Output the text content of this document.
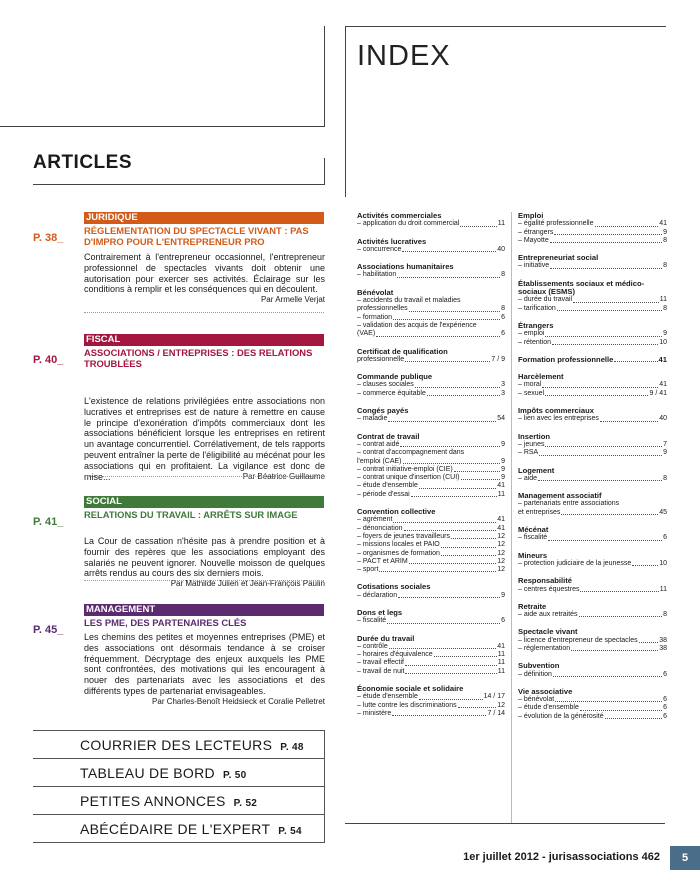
INDEX
ARTICLES
P. 38_
JURIDIQUE
RÉGLEMENTATION DU SPECTACLE VIVANT : PAS D'IMPRO POUR L'ENTREPRENEUR PRO
Contrairement à l'entrepreneur occasionnel, l'entrepreneur professionnel de spectacles vivants doit obtenir une autorisation pour exercer ses activités. Éclairage sur les conditions à remplir et les conséquences qui en découlent.
Par Armelle Verjat
P. 40_
FISCAL
ASSOCIATIONS / ENTREPRISES : DES RELATIONS TROUBLÉES
L'existence de relations privilégiées entre associations non lucratives et entreprises est de nature à remettre en cause le principe d'exonération d'impôts commerciaux dont les associations bénéficient lorsque les entreprises en retirent un avantage concurrentiel. Corrélativement, de tels rapports peuvent entraîner la perte de l'éligibilité au mécénat pour les associations qui en profitaient. La vigilance est donc de mise...	Par Béatrice Guillaume
P. 41_
SOCIAL
RELATIONS DU TRAVAIL : ARRÊTS SUR IMAGE
La Cour de cassation n'hésite pas à prendre position et à fournir des repères que les associations employant des salariés ne peuvent ignorer. Nouvelle moisson de quelques arrêts rendus au cours des six derniers mois.
Par Mathilde Julien et Jean-François Paulin
P. 45_
MANAGEMENT
LES PME, DES PARTENAIRES CLÉS
Les chemins des petites et moyennes entreprises (PME) et des associations ont désormais tendance à se croiser fréquemment. Décryptage des enjeux auxquels les PME sont confrontées, des motivations qui les encouragent à nouer des partenariats avec les associations et des différents types de partenariat envisageables.
Par Charles-Benoît Heidsieck et Coralie Pelletret
COURRIER DES LECTEURS P. 48
TABLEAU DE BORD P. 50
PETITES ANNONCES P. 52
ABÉCÉDAIRE DE L'EXPERT P. 54
Activités commerciales
– application du droit commercial	11
Activités lucratives
– concurrence	40
Associations humanitaires
– habilitation	8
Bénévolat
– accidents du travail et maladies
professionnelles	8
– formation	6
– validation des acquis de l'expérience
(VAE)	6
Certificat de qualification
professionnelle	7 / 9
Commande publique
– clauses sociales	3
– commerce équitable	3
Congés payés
– maladie	54
Contrat de travail
– contrat aidé	9
– contrat d'accompagnement dans
l'emploi (CAE)	9
– contrat initiative-emploi (CIE)	9
– contrat unique d'insertion (CUI)	9
– étude d'ensemble	41
– période d'essai	11
Convention collective
– agrément	41
– dénonciation	41
– foyers de jeunes travailleurs	12
– missions locales et PAIO	12
– organismes de formation	12
– PACT et ARIM	12
– sport	12
Cotisations sociales
– déclaration	9
Dons et legs
– fiscalité	6
Durée du travail
– contrôle	41
– horaires d'équivalence	11
– travail effectif	11
– travail de nuit	11
Économie sociale et solidaire
– étude d'ensemble	14 / 17
– lutte contre les discriminations	12
– ministère	7 / 14
Emploi
– égalité professionnelle	41
– étrangers	9
– Mayotte	8
Entrepreneuriat social
– initiative	8
Établissements sociaux et médico-sociaux (ESMS)
– durée du travail	11
– tarification	8
Étrangers
– emploi	9
– rétention	10
Formation professionnelle	41
Harcèlement
– moral	41
– sexuel	9 / 41
Impôts commerciaux
– lien avec les entreprises	40
Insertion
– jeunes	7
– RSA	9
Logement
– aide	8
Management associatif
– partenariats entre associations
et entreprises	45
Mécénat
– fiscalité	6
Mineurs
– protection judiciaire de la jeunesse	10
Responsabilité
– centres équestres	11
Retraite
– aide aux retraités	8
Spectacle vivant
– licence d'entrepreneur de spectacles	38
– réglementation	38
Subvention
– définition	6
Vie associative
– bénévolat	6
– étude d'ensemble	6
– évolution de la générosité	6
1er juillet 2012 - jurisassociations 462	5
